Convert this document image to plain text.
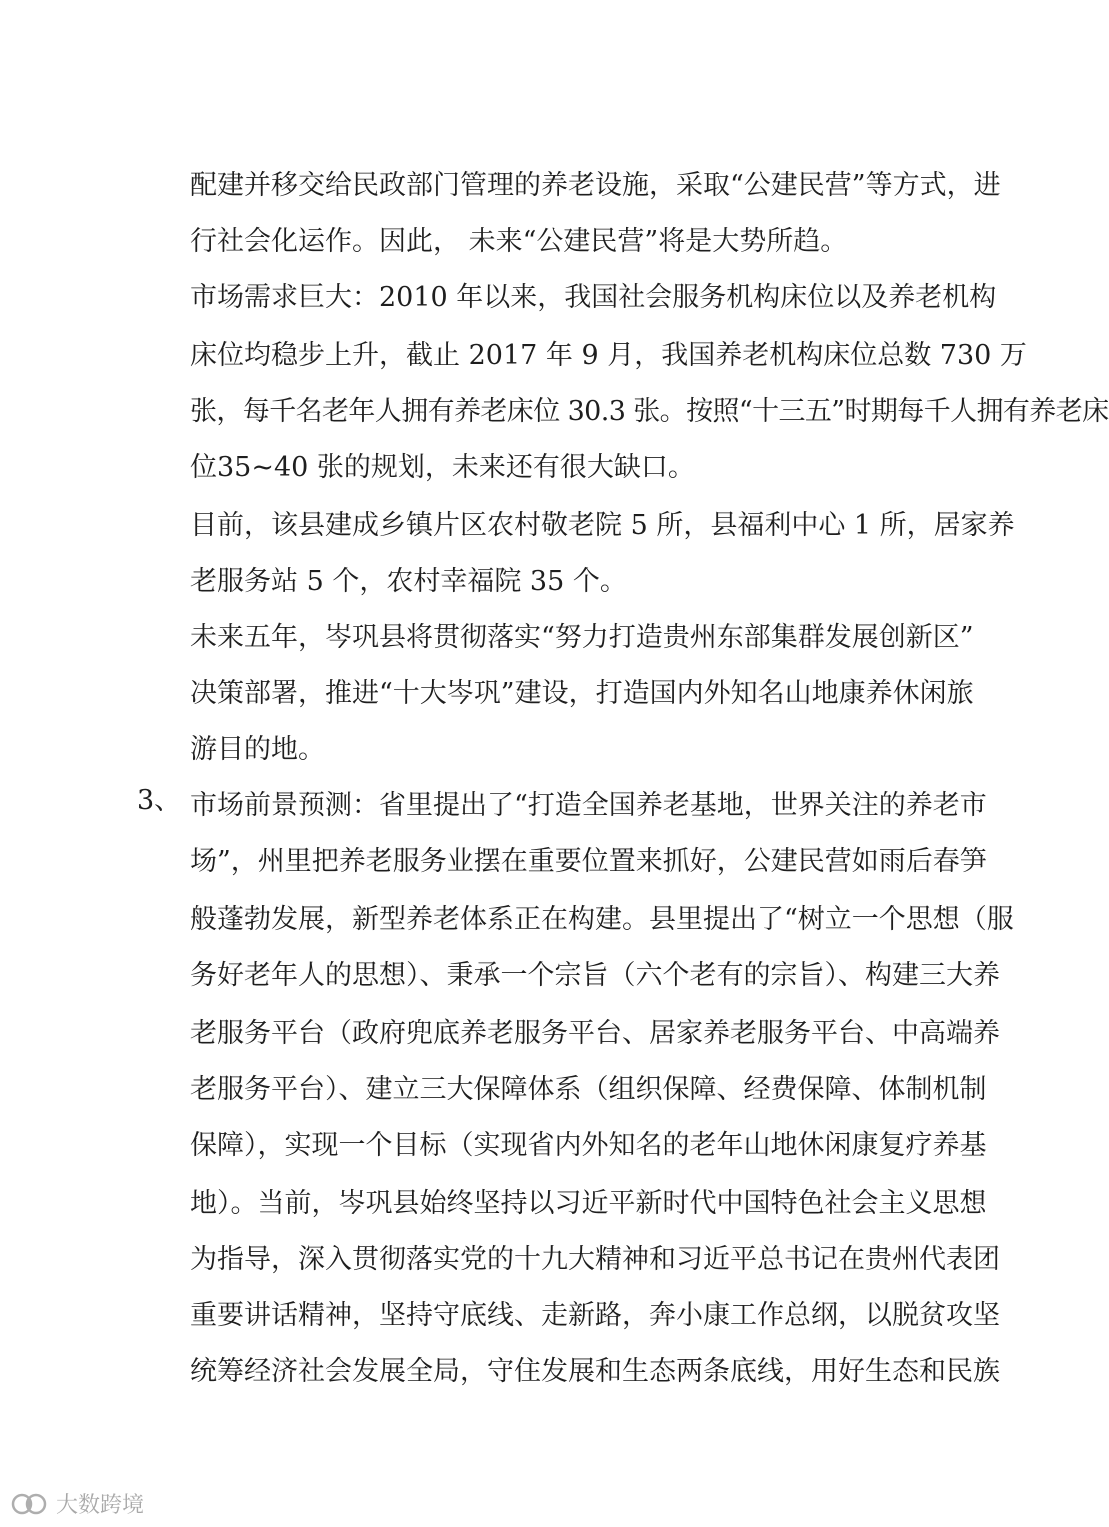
配建并移交给民政部门管理的养老设施，采取“公建民营”等方式，进
行社会化运作。因此， 未来“公建民营”将是大势所趋。
市场需求巨大：2010 年以来，我国社会服务机构床位以及养老机构
床位均稳步上升，截止 2017 年 9 月，我国养老机构床位总数 730 万
张，每千名老年人拥有养老床位 30.3 张。按照“十三五”时期每千人拥有养老床
位35~40 张的规划，未来还有很大缺口。
目前，该县建成乡镇片区农村敬老院 5 所，县福利中心 1 所，居家养
老服务站 5 个，农村幸福院 35 个。
未来五年，岑巩县将贯彻落实“努力打造贵州东部集群发展创新区”
决策部署，推进“十大岑巩”建设，打造国内外知名山地康养休闲旅
游目的地。
3、 市场前景预测：省里提出了“打造全国养老基地，世界关注的养老市
场”，州里把养老服务业摆在重要位置来抓好，公建民营如雨后春笋
般蓬勃发展，新型养老体系正在构建。县里提出了“树立一个思想（服
务好老年人的思想）、秉承一个宗旨（六个老有的宗旨）、构建三大养
老服务平台（政府兜底养老服务平台、居家养老服务平台、中高端养
老服务平台）、建立三大保障体系（组织保障、经费保障、体制机制
保障），实现一个目标（实现省内外知名的老年山地休闲康复疗养基
地）。当前，岑巩县始终坚持以习近平新时代中国特色社会主义思想
为指导，深入贯彻落实党的十九大精神和习近平总书记在贵州代表团
重要讲话精神，坚持守底线、走新路，奔小康工作总纲，以脱贫攻坚
统筹经济社会发展全局，守住发展和生态两条底线，用好生态和民族
大数跨境
